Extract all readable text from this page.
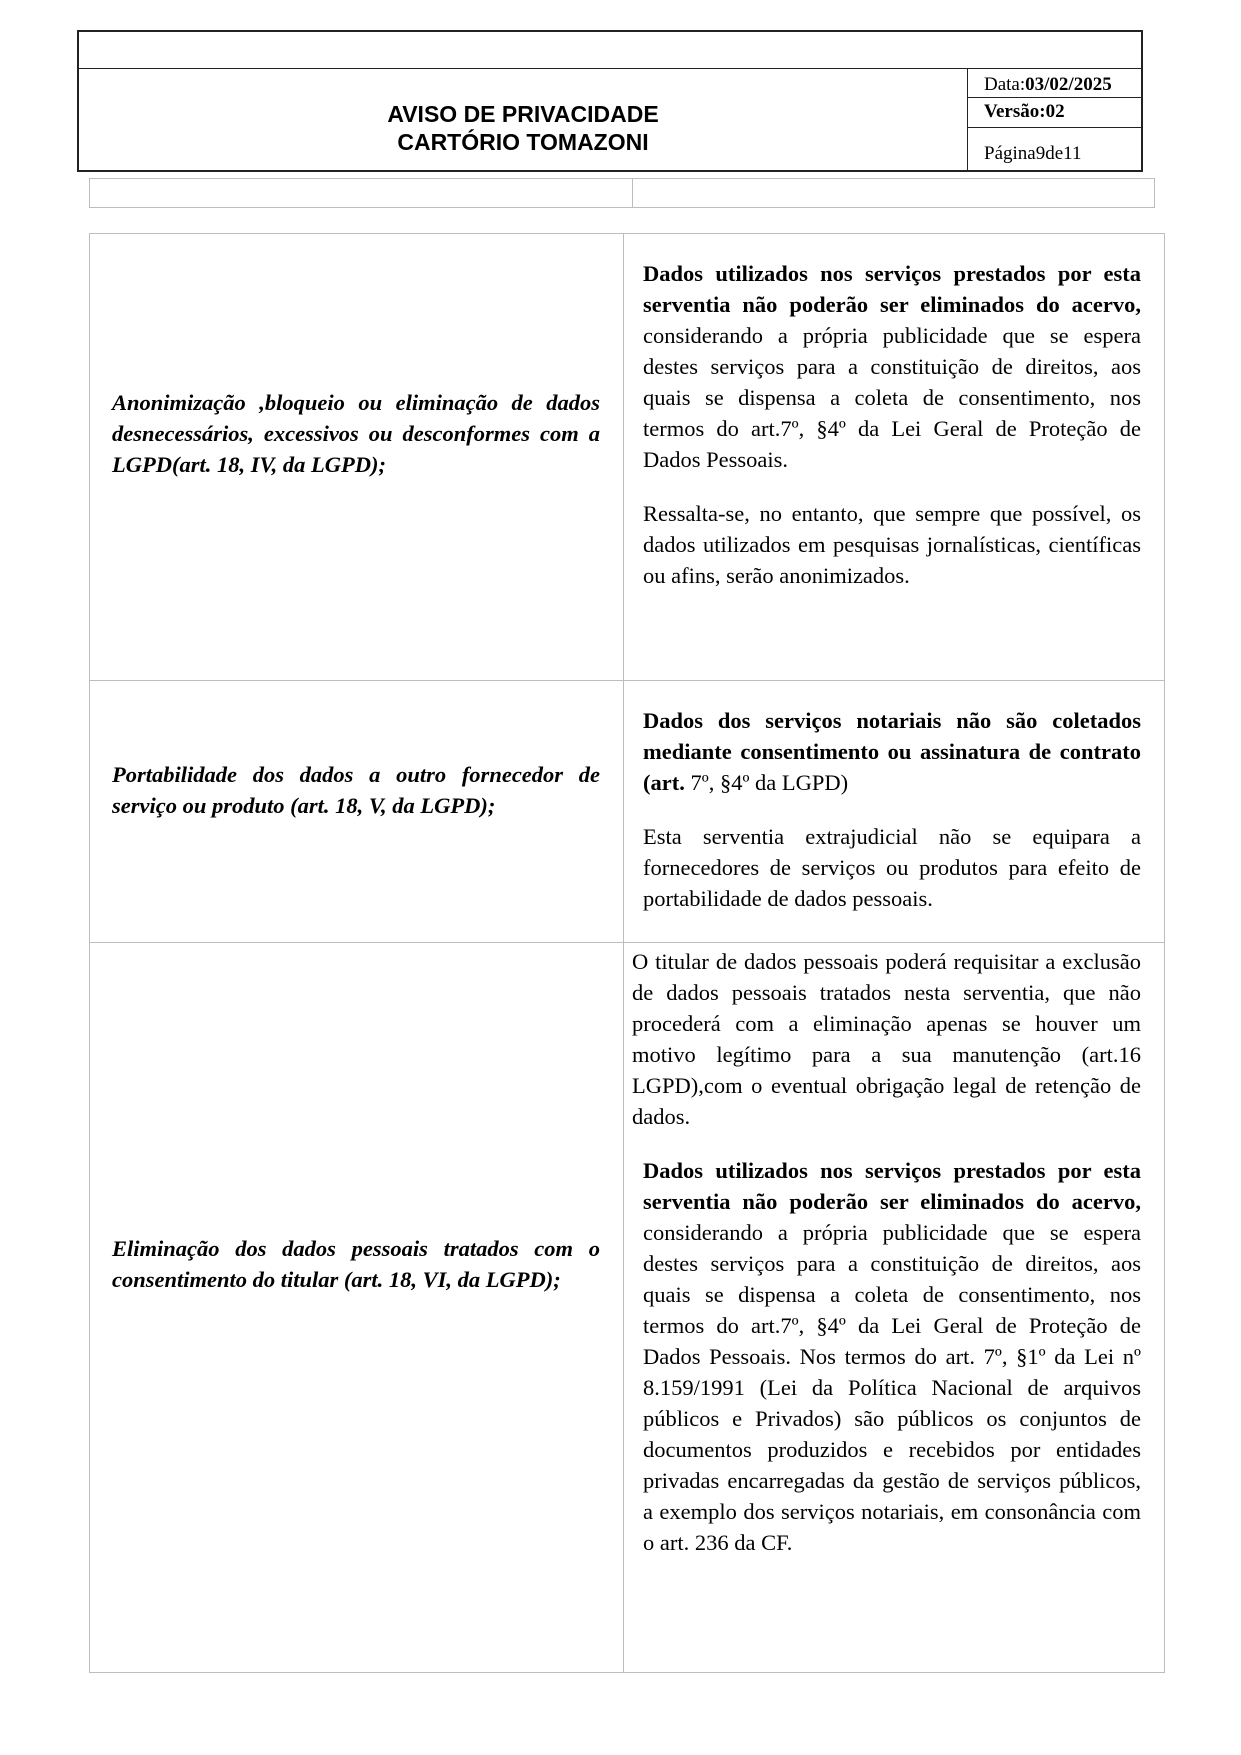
AVISO DE PRIVACIDADE
CARTÓRIO TOMAZONI
Data:03/02/2025
Versão:02
Página9de11
Anonimização ,bloqueio ou eliminação de dados desnecessários, excessivos ou desconformes com a LGPD(art. 18, IV, da LGPD);

Dados utilizados nos serviços prestados por esta serventia não poderão ser eliminados do acervo, considerando a própria publicidade que se espera destes serviços para a constituição de direitos, aos quais se dispensa a coleta de consentimento, nos termos do art.7º, §4º da Lei Geral de Proteção de Dados Pessoais.

Ressalta-se, no entanto, que sempre que possível, os dados utilizados em pesquisas jornalísticas, científicas ou afins, serão anonimizados.

Portabilidade dos dados a outro fornecedor de serviço ou produto (art. 18, V, da LGPD);

Dados dos serviços notariais não são coletados mediante consentimento ou assinatura de contrato (art. 7º, §4º da LGPD)

Esta serventia extrajudicial não se equipara a fornecedores de serviços ou produtos para efeito de portabilidade de dados pessoais.

Eliminação dos dados pessoais tratados com o consentimento do titular (art. 18, VI, da LGPD);
O titular de dados pessoais poderá requisitar a exclusão de dados pessoais tratados nesta serventia, que não procederá com a eliminação apenas se houver um motivo legítimo para a sua manutenção (art.16 LGPD),com o eventual obrigação legal de retenção de dados.

Dados utilizados nos serviços prestados por esta serventia não poderão ser eliminados do acervo, considerando a própria publicidade que se espera destes serviços para a constituição de direitos, aos quais se dispensa a coleta de consentimento, nos termos do art.7º, §4º da Lei Geral de Proteção de Dados Pessoais. Nos termos do art. 7º, §1º da Lei nº 8.159/1991 (Lei da Política Nacional de arquivos públicos e Privados) são públicos os conjuntos de documentos produzidos e recebidos por entidades privadas encarregadas da gestão de serviços públicos, a exemplo dos serviços notariais, em consonância com o art. 236 da CF.
